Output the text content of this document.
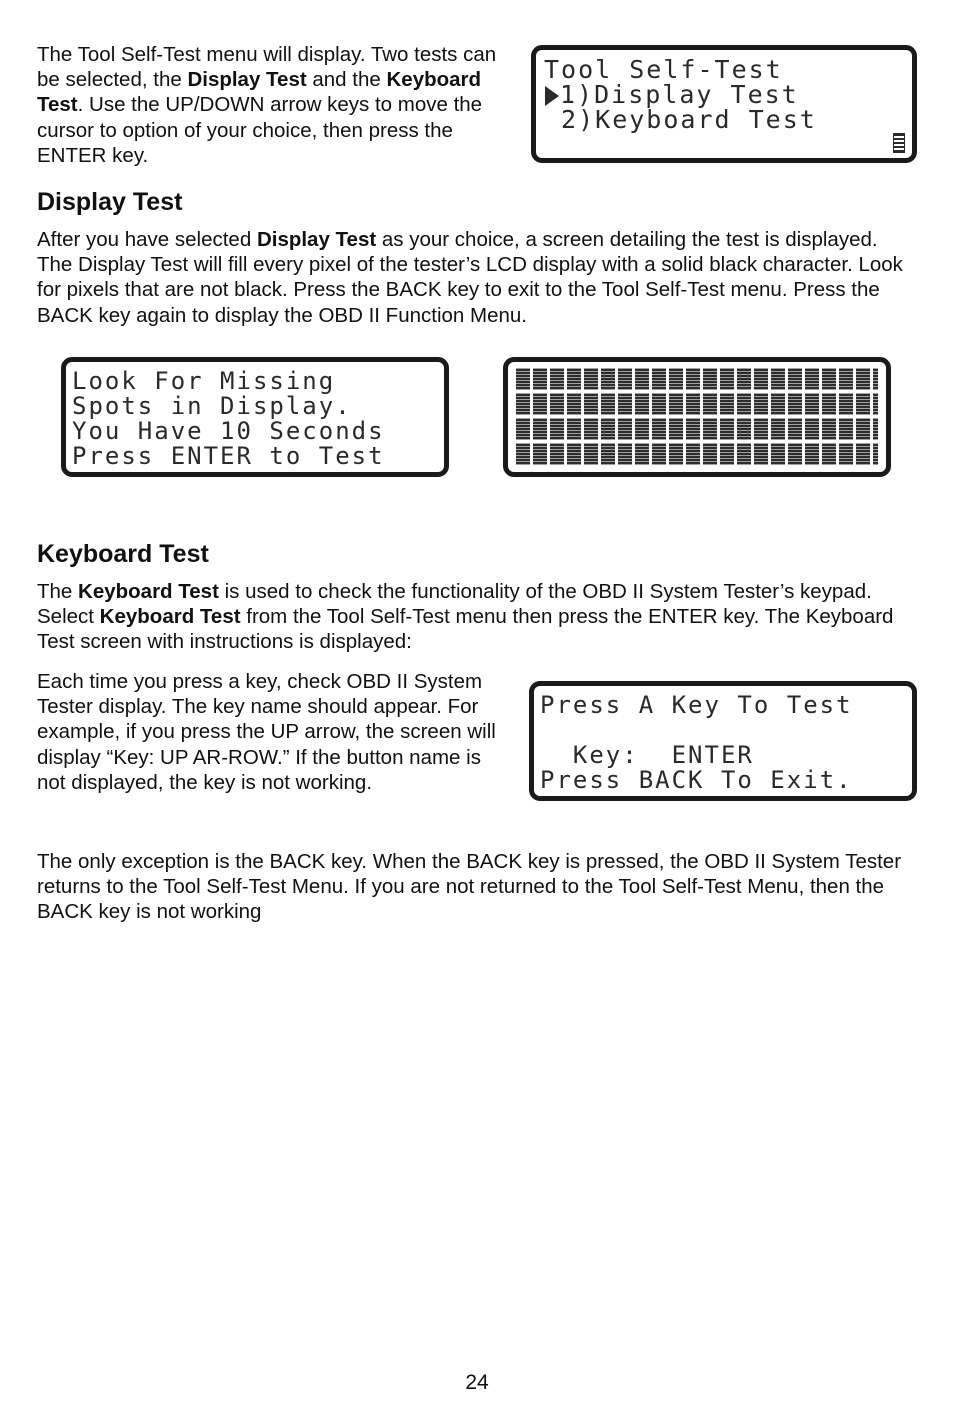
The Tool Self-Test menu will display. Two tests can be selected, the Display Test and the Keyboard Test. Use the UP/DOWN arrow keys to move the cursor to option of your choice, then press the ENTER key.

Tool Self-Test
1)Display Test
2)Keyboard Test
Display Test

After you have selected Display Test as your choice, a screen detailing the test is displayed. The Display Test will fill every pixel of the tester’s LCD display with a solid black character. Look for pixels that are not black. Press the BACK key to exit to the Tool Self-Test menu. Press the BACK key again to display the OBD II Function Menu.

Look For Missing
Spots in Display.
You Have 10 Seconds
Press ENTER to Test
Keyboard Test

The Keyboard Test is used to check the functionality of the OBD II System Tester’s keypad. Select Keyboard Test from the Tool Self-Test menu then press the ENTER key. The Keyboard Test screen with instructions is displayed:

Each time you press a key, check OBD II System Tester display. The key name should appear. For example, if you press the UP arrow, the screen will display “Key: UP AR-ROW.” If the button name is not displayed, the key is not working.

Press A Key To Test
Key:  ENTER
Press BACK To Exit.

The only exception is the BACK key. When the BACK key is pressed, the OBD II System Tester returns to the Tool Self-Test Menu. If you are not returned to the Tool Self-Test Menu, then the BACK key is not working

24
